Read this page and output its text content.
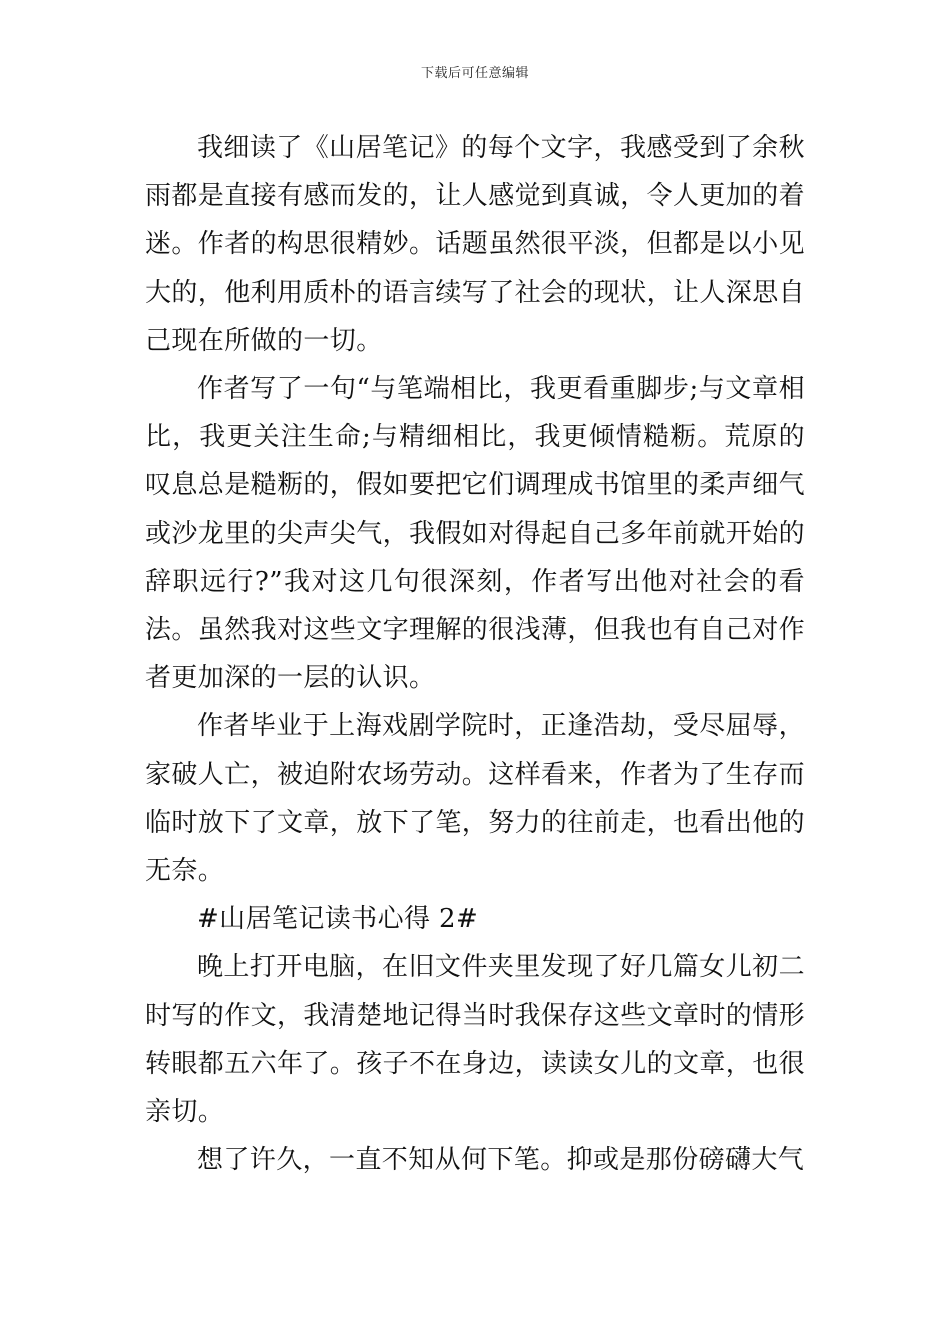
下载后可任意编辑

我细读了《山居笔记》的每个文字，我感受到了余秋雨都是直接有感而发的，让人感觉到真诚，令人更加的着迷。作者的构思很精妙。话题虽然很平淡，但都是以小见大的，他利用质朴的语言续写了社会的现状，让人深思自己现在所做的一切。

作者写了一句“与笔端相比，我更看重脚步;与文章相比，我更关注生命;与精细相比，我更倾情糙粝。荒原的叹息总是糙粝的，假如要把它们调理成书馆里的柔声细气或沙龙里的尖声尖气，我假如对得起自己多年前就开始的辞职远行?”我对这几句很深刻，作者写出他对社会的看法。虽然我对这些文字理解的很浅薄，但我也有自己对作者更加深的一层的认识。

作者毕业于上海戏剧学院时，正逢浩劫，受尽屈辱，家破人亡，被迫附农场劳动。这样看来，作者为了生存而临时放下了文章，放下了笔，努力的往前走，也看出他的无奈。

#山居笔记读书心得 2#

晚上打开电脑，在旧文件夹里发现了好几篇女儿初二时写的作文，我清楚地记得当时我保存这些文章时的情形转眼都五六年了。孩子不在身边，读读女儿的文章，也很亲切。

想了许久，一直不知从何下笔。抑或是那份磅礴大气
